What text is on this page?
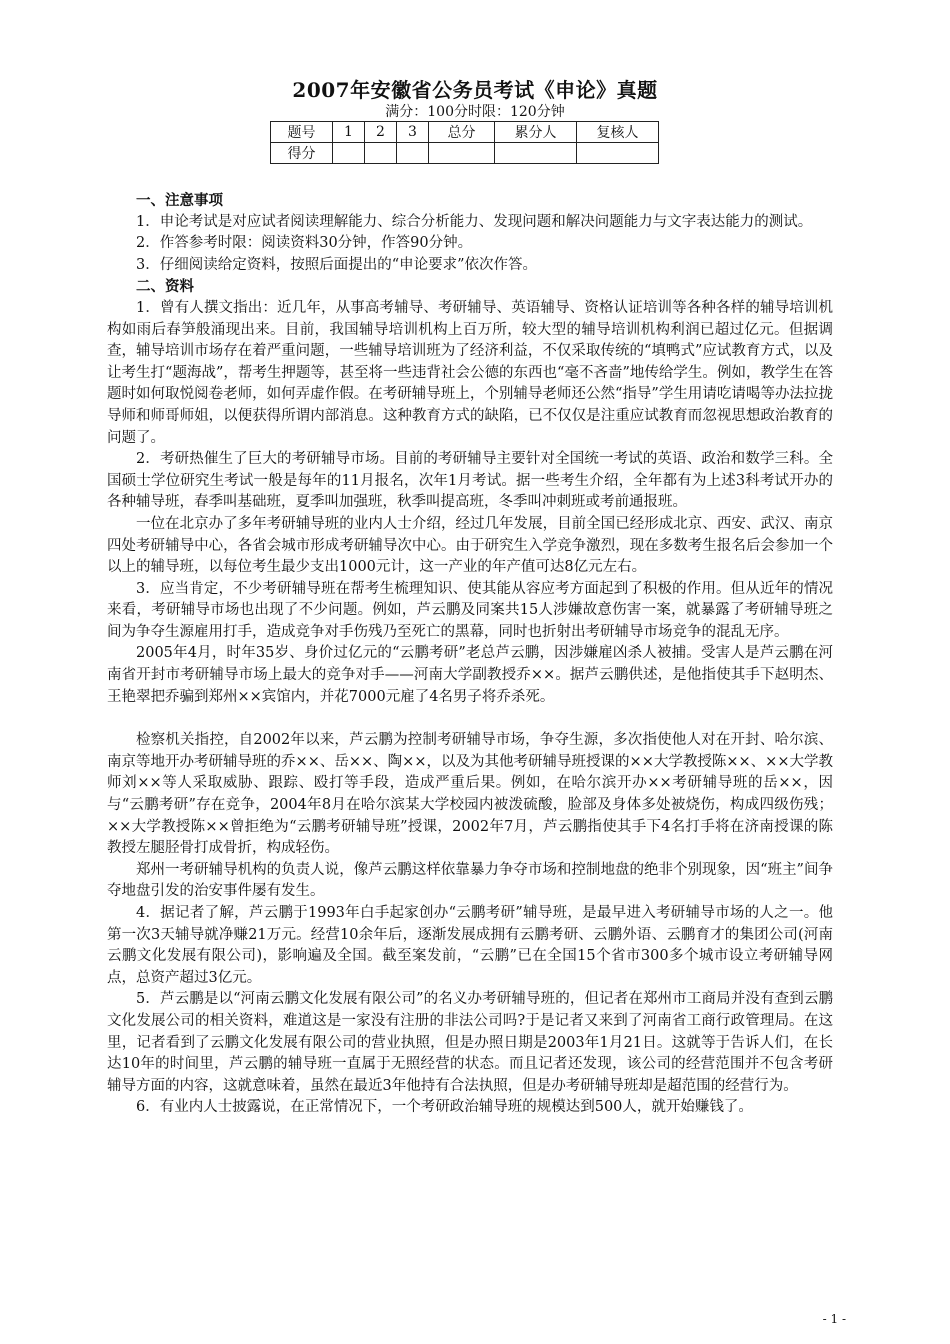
2007年安徽省公务员考试《申论》真题
满分：100分时限：120分钟
题号	1	2	3	总分	累分人	复核人
得分						

一、注意事项

1．申论考试是对应试者阅读理解能力、综合分析能力、发现问题和解决问题能力与文字表达能力的测试。

2．作答参考时限：阅读资料30分钟，作答90分钟。

3．仔细阅读给定资料，按照后面提出的“申论要求”依次作答。

二、资料

1．曾有人撰文指出：近几年，从事高考辅导、考研辅导、英语辅导、资格认证培训等各种各样的辅导培训机构如雨后春笋般涌现出来。目前，我国辅导培训机构上百万所，较大型的辅导培训机构利润已超过亿元。但据调查，辅导培训市场存在着严重问题，一些辅导培训班为了经济利益，不仅采取传统的“填鸭式”应试教育方式，以及让考生打“题海战”，帮考生押题等，甚至将一些违背社会公德的东西也“毫不吝啬”地传给学生。例如，教学生在答题时如何取悦阅卷老师，如何弄虚作假。在考研辅导班上，个别辅导老师还公然“指导”学生用请吃请喝等办法拉拢导师和师哥师姐，以便获得所谓内部消息。这种教育方式的缺陷，已不仅仅是注重应试教育而忽视思想政治教育的问题了。

2．考研热催生了巨大的考研辅导市场。目前的考研辅导主要针对全国统一考试的英语、政治和数学三科。全国硕士学位研究生考试一般是每年的11月报名，次年1月考试。据一些考生介绍，全年都有为上述3科考试开办的各种辅导班，春季叫基础班，夏季叫加强班，秋季叫提高班，冬季叫冲刺班或考前通报班。

一位在北京办了多年考研辅导班的业内人士介绍，经过几年发展，目前全国已经形成北京、西安、武汉、南京四处考研辅导中心，各省会城市形成考研辅导次中心。由于研究生入学竞争激烈，现在多数考生报名后会参加一个以上的辅导班，以每位考生最少支出1000元计，这一产业的年产值可达8亿元左右。

3．应当肯定，不少考研辅导班在帮考生梳理知识、使其能从容应考方面起到了积极的作用。但从近年的情况来看，考研辅导市场也出现了不少问题。例如，芦云鹏及同案共15人涉嫌故意伤害一案，就暴露了考研辅导班之间为争夺生源雇用打手，造成竞争对手伤残乃至死亡的黑幕，同时也折射出考研辅导市场竞争的混乱无序。

2005年4月，时年35岁、身价过亿元的“云鹏考研”老总芦云鹏，因涉嫌雇凶杀人被捕。受害人是芦云鹏在河南省开封市考研辅导市场上最大的竞争对手——河南大学副教授乔××。据芦云鹏供述，是他指使其手下赵明杰、王艳翠把乔骗到郑州××宾馆内，并花7000元雇了4名男子将乔杀死。

检察机关指控，自2002年以来，芦云鹏为控制考研辅导市场，争夺生源，多次指使他人对在开封、哈尔滨、南京等地开办考研辅导班的乔××、岳××、陶××，以及为其他考研辅导班授课的××大学教授陈××、××大学教师刘××等人采取威胁、跟踪、殴打等手段，造成严重后果。例如，在哈尔滨开办××考研辅导班的岳××，因与“云鹏考研”存在竞争，2004年8月在哈尔滨某大学校园内被泼硫酸，脸部及身体多处被烧伤，构成四级伤残；××大学教授陈××曾拒绝为“云鹏考研辅导班”授课，2002年7月，芦云鹏指使其手下4名打手将在济南授课的陈教授左腿胫骨打成骨折，构成轻伤。

郑州一考研辅导机构的负责人说，像芦云鹏这样依靠暴力争夺市场和控制地盘的绝非个别现象，因“班主”间争夺地盘引发的治安事件屡有发生。

4．据记者了解，芦云鹏于1993年白手起家创办“云鹏考研”辅导班，是最早进入考研辅导市场的人之一。他第一次3天辅导就净赚21万元。经营10余年后，逐渐发展成拥有云鹏考研、云鹏外语、云鹏育才的集团公司(河南云鹏文化发展有限公司)，影响遍及全国。截至案发前，“云鹏”已在全国15个省市300多个城市设立考研辅导网点，总资产超过3亿元。

5．芦云鹏是以“河南云鹏文化发展有限公司”的名义办考研辅导班的，但记者在郑州市工商局并没有查到云鹏文化发展公司的相关资料，难道这是一家没有注册的非法公司吗?于是记者又来到了河南省工商行政管理局。在这里，记者看到了云鹏文化发展有限公司的营业执照，但是办照日期是2003年1月21日。这就等于告诉人们，在长达10年的时间里，芦云鹏的辅导班一直属于无照经营的状态。而且记者还发现，该公司的经营范围并不包含考研辅导方面的内容，这就意味着，虽然在最近3年他持有合法执照，但是办考研辅导班却是超范围的经营行为。

6．有业内人士披露说，在正常情况下，一个考研政治辅导班的规模达到500人，就开始赚钱了。

- 1 -
